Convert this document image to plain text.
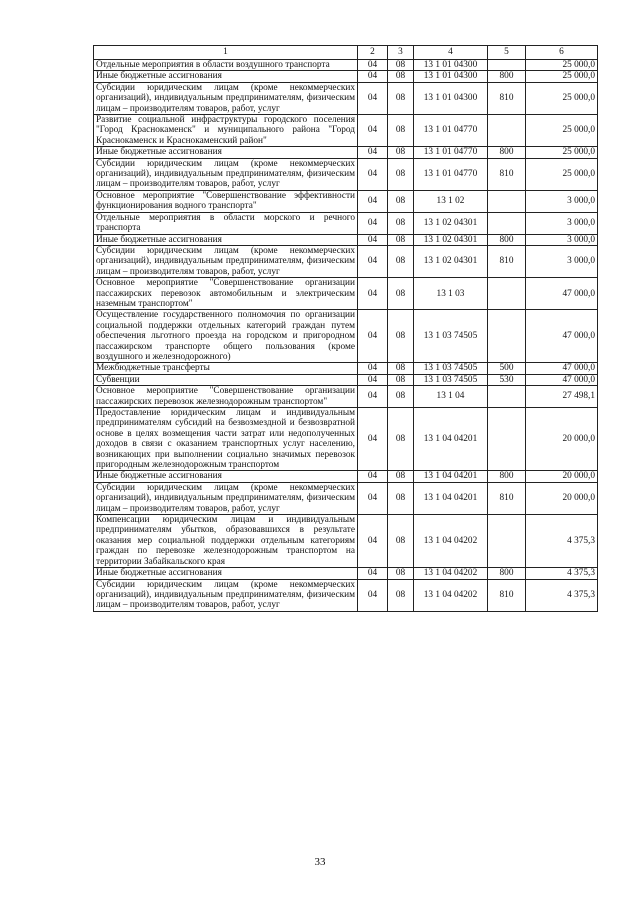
1	2	3	4	5	6
Отдельные мероприятия в области воздушного транспорта	04	08	13 1 01 04300		25 000,0
Иные бюджетные ассигнования	04	08	13 1 01 04300	800	25 000,0
Субсидии юридическим лицам (кроме некоммерческих организаций), индивидуальным предпринимателям, физическим лицам – производителям товаров, работ, услуг	04	08	13 1 01 04300	810	25 000,0
Развитие социальной инфраструктуры городского поселения "Город Краснокаменск" и муниципального района "Город Краснокаменск и Краснокаменский район"	04	08	13 1 01 04770		25 000,0
Иные бюджетные ассигнования	04	08	13 1 01 04770	800	25 000,0
Субсидии юридическим лицам (кроме некоммерческих организаций), индивидуальным предпринимателям, физическим лицам – производителям товаров, работ, услуг	04	08	13 1 01 04770	810	25 000,0
Основное мероприятие "Совершенствование эффективности функционирования водного транспорта"	04	08	13 1 02		3 000,0
Отдельные мероприятия в области морского и речного транспорта	04	08	13 1 02 04301		3 000,0
Иные бюджетные ассигнования	04	08	13 1 02 04301	800	3 000,0
Субсидии юридическим лицам (кроме некоммерческих организаций), индивидуальным предпринимателям, физическим лицам – производителям товаров, работ, услуг	04	08	13 1 02 04301	810	3 000,0
Основное мероприятие "Совершенствование организации пассажирских перевозок автомобильным и электрическим наземным транспортом"	04	08	13 1 03		47 000,0
Осуществление государственного полномочия по организации социальной поддержки отдельных категорий граждан путем обеспечения льготного проезда на городском и пригородном пассажирском транспорте общего пользования (кроме воздушного и железнодорожного)	04	08	13 1 03 74505		47 000,0
Межбюджетные трансферты	04	08	13 1 03 74505	500	47 000,0
Субвенции	04	08	13 1 03 74505	530	47 000,0
Основное мероприятие "Совершенствование организации пассажирских перевозок железнодорожным транспортом"	04	08	13 1 04		27 498,1
Предоставление юридическим лицам и индивидуальным предпринимателям субсидий на безвозмездной и безвозвратной основе в целях возмещения части затрат или недополученных доходов в связи с оказанием транспортных услуг населению, возникающих при выполнении социально значимых перевозок пригородным железнодорожным транспортом	04	08	13 1 04 04201		20 000,0
Иные бюджетные ассигнования	04	08	13 1 04 04201	800	20 000,0
Субсидии юридическим лицам (кроме некоммерческих организаций), индивидуальным предпринимателям, физическим лицам – производителям товаров, работ, услуг	04	08	13 1 04 04201	810	20 000,0
Компенсации юридическим лицам и индивидуальным предпринимателям убытков, образовавшихся в результате оказания мер социальной поддержки отдельным категориям граждан по перевозке железнодорожным транспортом на территории Забайкальского края	04	08	13 1 04 04202		4 375,3
Иные бюджетные ассигнования	04	08	13 1 04 04202	800	4 375,3
Субсидии юридическим лицам (кроме некоммерческих организаций), индивидуальным предпринимателям, физическим лицам – производителям товаров, работ, услуг	04	08	13 1 04 04202	810	4 375,3
33
